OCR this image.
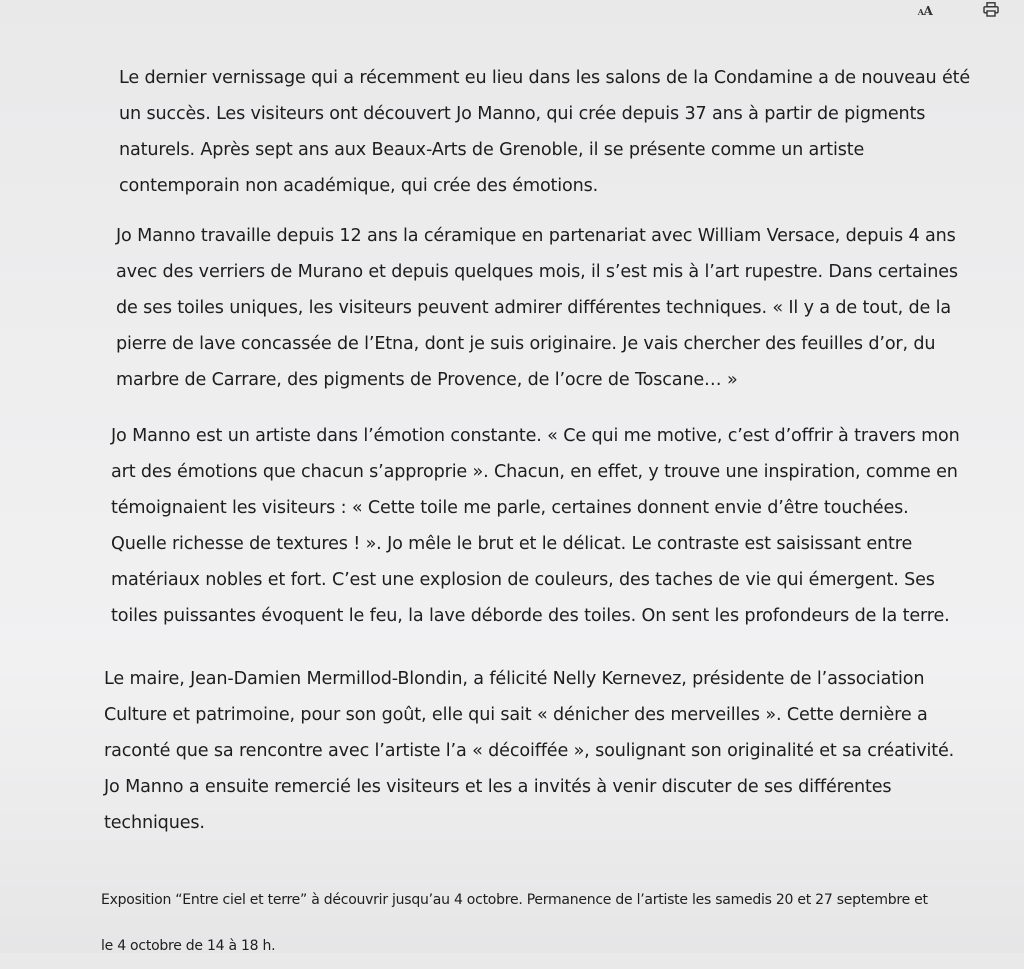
AA

Le dernier vernissage qui a récemment eu lieu dans les salons de la Condamine a de nouveau été
un succès. Les visiteurs ont découvert Jo Manno, qui crée depuis 37 ans à partir de pigments
naturels. Après sept ans aux Beaux-Arts de Grenoble, il se présente comme un artiste
contemporain non académique, qui crée des émotions.

Jo Manno travaille depuis 12 ans la céramique en partenariat avec William Versace, depuis 4 ans
avec des verriers de Murano et depuis quelques mois, il s’est mis à l’art rupestre. Dans certaines
de ses toiles uniques, les visiteurs peuvent admirer différentes techniques. « Il y a de tout, de la
pierre de lave concassée de l’Etna, dont je suis originaire. Je vais chercher des feuilles d’or, du
marbre de Carrare, des pigments de Provence, de l’ocre de Toscane… »

Jo Manno est un artiste dans l’émotion constante. « Ce qui me motive, c’est d’offrir à travers mon
art des émotions que chacun s’approprie ». Chacun, en effet, y trouve une inspiration, comme en
témoignaient les visiteurs : « Cette toile me parle, certaines donnent envie d’être touchées.
Quelle richesse de textures ! ». Jo mêle le brut et le délicat. Le contraste est saisissant entre
matériaux nobles et fort. C’est une explosion de couleurs, des taches de vie qui émergent. Ses
toiles puissantes évoquent le feu, la lave déborde des toiles. On sent les profondeurs de la terre.

Le maire, Jean-Damien Mermillod-Blondin, a félicité Nelly Kernevez, présidente de l’association
Culture et patrimoine, pour son goût, elle qui sait « dénicher des merveilles ». Cette dernière a
raconté que sa rencontre avec l’artiste l’a « décoiffée », soulignant son originalité et sa créativité.
Jo Manno a ensuite remercié les visiteurs et les a invités à venir discuter de ses différentes
techniques.

Exposition “Entre ciel et terre” à découvrir jusqu’au 4 octobre. Permanence de l’artiste les samedis 20 et 27 septembre et
le 4 octobre de 14 à 18 h.
